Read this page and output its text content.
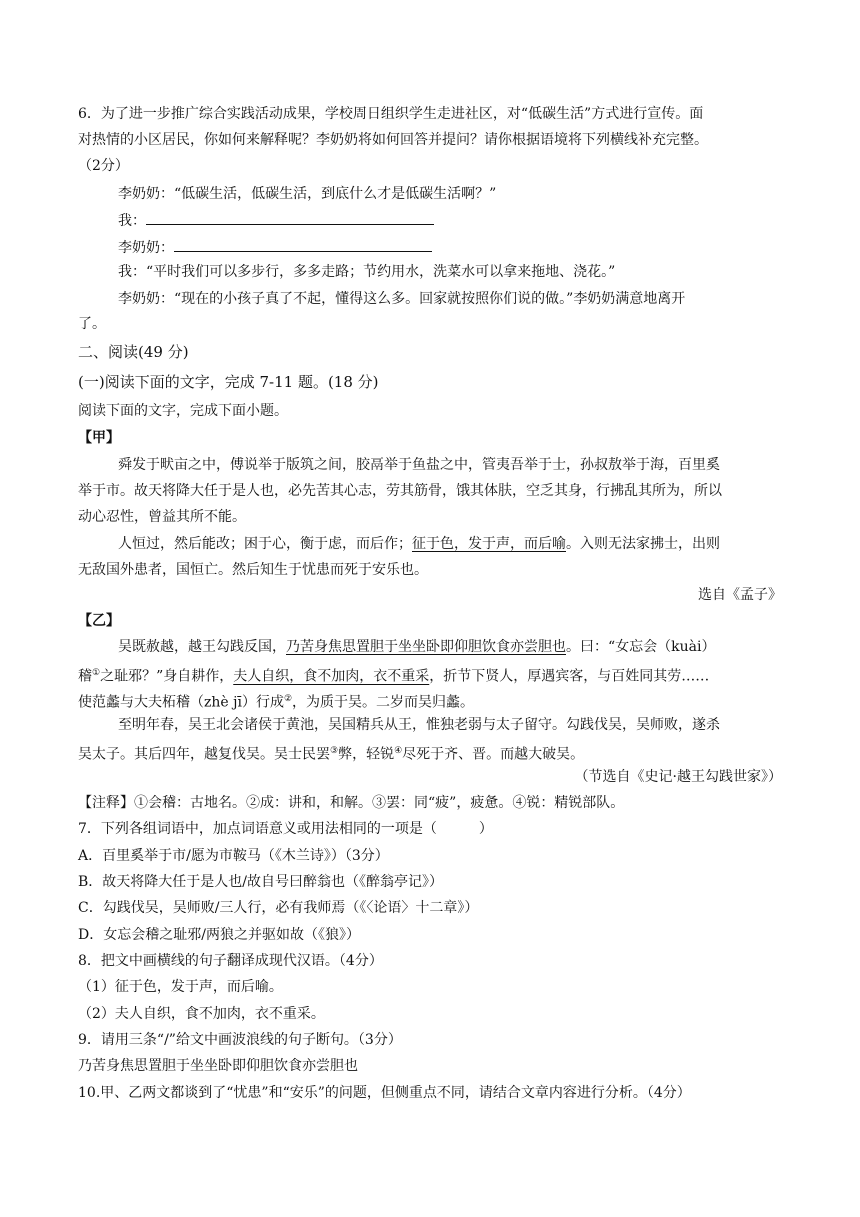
6．为了进一步推广综合实践活动成果，学校周日组织学生走进社区，对“低碳生活”方式进行宣传。面
对热情的小区居民，你如何来解释呢？李奶奶将如何回答并提问？请你根据语境将下列横线补充完整。
（2分）
李奶奶：“低碳生活，低碳生活，到底什么才是低碳生活啊？”
我：
李奶奶：
我：“平时我们可以多步行，多多走路；节约用水，洗菜水可以拿来拖地、浇花。”
李奶奶：“现在的小孩子真了不起，懂得这么多。回家就按照你们说的做。”李奶奶满意地离开
了。
二、阅读(49 分)
(一)阅读下面的文字，完成 7-11 题。(18 分)
阅读下面的文字，完成下面小题。
【甲】
舜发于畎亩之中，傅说举于版筑之间，胶鬲举于鱼盐之中，管夷吾举于士，孙叔敖举于海，百里奚
举于市。故天将降大任于是人也，必先苦其心志，劳其筋骨，饿其体肤，空乏其身，行拂乱其所为，所以
动心忍性，曾益其所不能。
人恒过，然后能改；困于心，衡于虑，而后作；征于色，发于声，而后喻。入则无法家拂士，出则
无敌国外患者，国恒亡。然后知生于忧患而死于安乐也。
选自《孟子》
【乙】
吴既赦越，越王勾践反国，乃苦身焦思置胆于坐坐卧即仰胆饮食亦尝胆也。曰：“女忘会（kuài）
稽①之耻邪？”身自耕作，夫人自织，食不加肉，衣不重采，折节下贤人，厚遇宾客，与百姓同其劳……
使范蠡与大夫柘稽（zhè jī）行成②，为质于吴。二岁而吴归蠡。
至明年春，吴王北会诸侯于黄池，吴国精兵从王，惟独老弱与太子留守。勾践伐吴，吴师败，遂杀
吴太子。其后四年，越复伐吴。吴士民罢③弊，轻锐④尽死于齐、晋。而越大破吴。
（节选自《史记·越王勾践世家》）
【注释】①会稽：古地名。②成：讲和，和解。③罢：同“疲”，疲惫。④锐：精锐部队。
7．下列各组词语中，加点词语意义或用法相同的一项是（　　　）
A．百里奚举于市/愿为市鞍马（《木兰诗》）（3分）
B．故天将降大任于是人也/故自号曰醉翁也（《醉翁亭记》）
C．勾践伐吴，吴师败/三人行，必有我师焉（《〈论语〉十二章》）
D．女忘会稽之耻邪/两狼之并驱如故（《狼》）
8．把文中画横线的句子翻译成现代汉语。（4分）
（1）征于色，发于声，而后喻。
（2）夫人自织，食不加肉，衣不重采。
9．请用三条“/”给文中画波浪线的句子断句。（3分）
乃苦身焦思置胆于坐坐卧即仰胆饮食亦尝胆也
10.甲、乙两文都谈到了“忧患”和“安乐”的问题，但侧重点不同，请结合文章内容进行分析。（4分）
